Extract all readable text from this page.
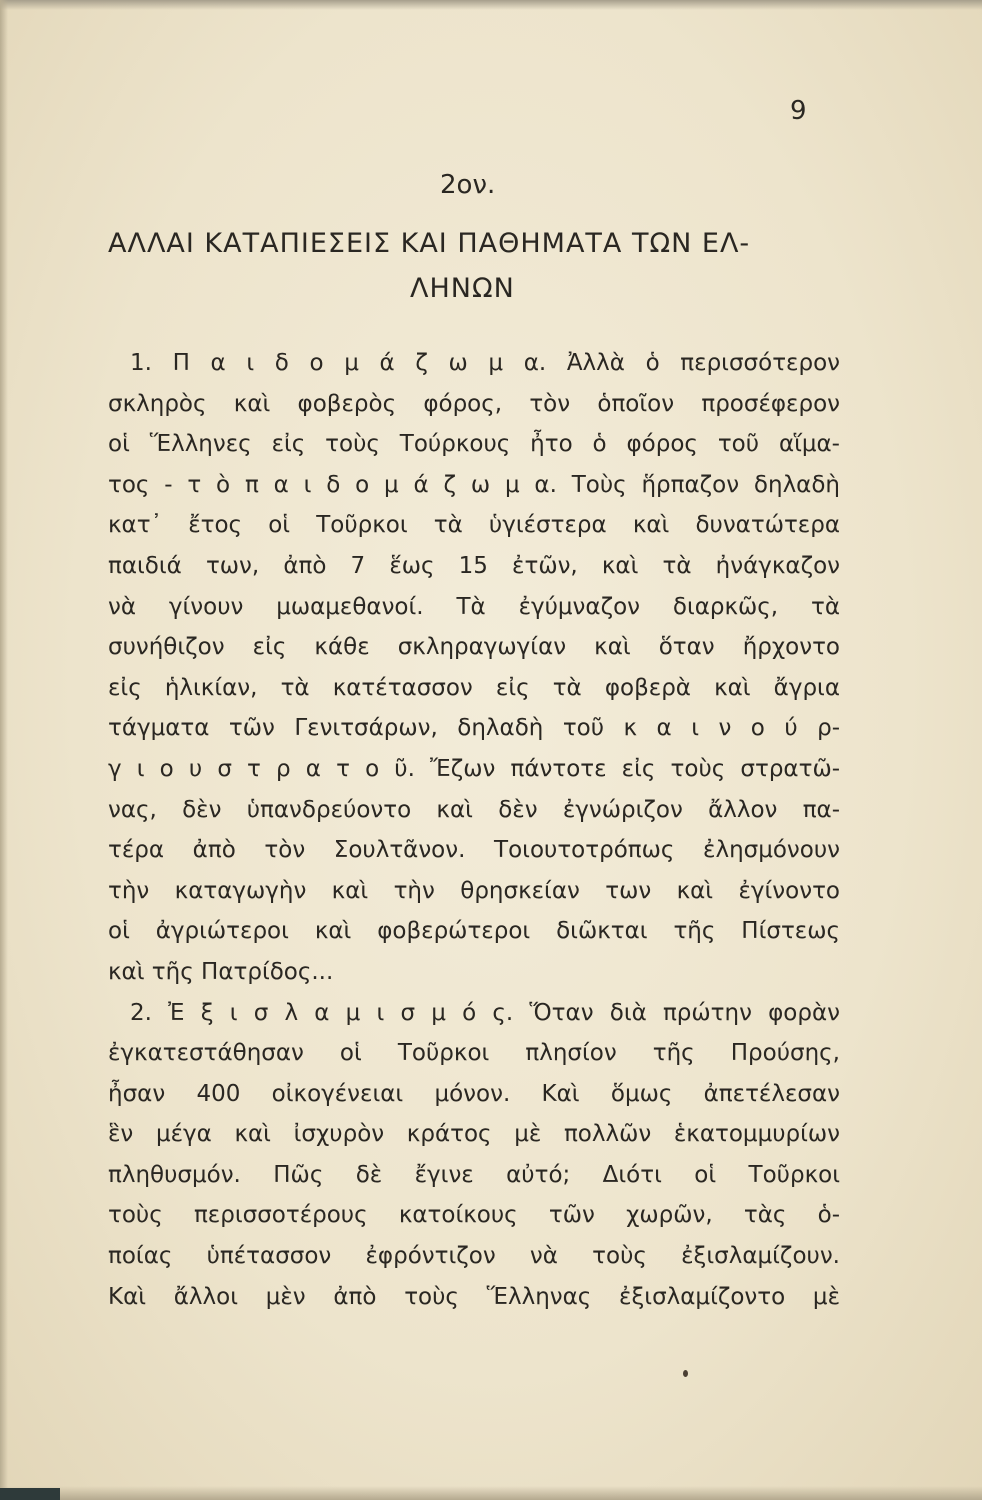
9
2ον.
ΑΛΛΑΙ ΚΑΤΑΠΙΕΣΕΙΣ ΚΑΙ ΠΑΘΗΜΑΤΑ ΤΩΝ ΕΛ-
ΛΗΝΩΝ
1. Π α ι δ ο μ ά ζ ω μ α. Ἀλλὰ ὁ περισσότερον
σκληρὸς καὶ φοβερὸς φόρος, τὸν ὁποῖον προσέφερον
οἱ Ἕλληνες εἰς τοὺς Τούρκους ἦτο ὁ φόρος τοῦ αἵμα-
τος - τ ὸ π α ι δ ο μ ά ζ ω μ α. Τοὺς ἥρπαζον δηλαδὴ
κατ᾽ ἔτος οἱ Τοῦρκοι τὰ ὑγιέστερα καὶ δυνατώτερα
παιδιά των, ἀπὸ 7 ἕως 15 ἐτῶν, καὶ τὰ ἠνάγκαζον
νὰ γίνουν μωαμεθανοί. Τὰ ἐγύμναζον διαρκῶς, τὰ
συνήθιζον εἰς κάθε σκληραγωγίαν καὶ ὅταν ἤρχοντο
εἰς ἡλικίαν, τὰ κατέτασσον εἰς τὰ φοβερὰ καὶ ἄγρια
τάγματα τῶν Γενιτσάρων, δηλαδὴ τοῦ κ α ι ν ο ύ ρ-
γ ι ο υ σ τ ρ α τ ο ῦ. Ἔζων πάντοτε εἰς τοὺς στρατῶ-
νας, δὲν ὑπανδρεύοντο καὶ δὲν ἐγνώριζον ἄλλον πα-
τέρα ἀπὸ τὸν Σουλτᾶνον. Τοιουτοτρόπως ἐλησμόνουν
τὴν καταγωγὴν καὶ τὴν θρησκείαν των καὶ ἐγίνοντο
οἱ ἀγριώτεροι καὶ φοβερώτεροι διῶκται τῆς Πίστεως
καὶ τῆς Πατρίδος...
2. Ἐ ξ ι σ λ α μ ι σ μ ό ς. Ὅταν διὰ πρώτην φορὰν
ἐγκατεστάθησαν οἱ Τοῦρκοι πλησίον τῆς Προύσης,
ἦσαν 400 οἰκογένειαι μόνον. Καὶ ὅμως ἀπετέλεσαν
ἓν μέγα καὶ ἰσχυρὸν κράτος μὲ πολλῶν ἑκατομμυρίων
πληθυσμόν. Πῶς δὲ ἔγινε αὐτό; Διότι οἱ Τοῦρκοι
τοὺς περισσοτέρους κατοίκους τῶν χωρῶν, τὰς ὁ-
ποίας ὑπέτασσον ἐφρόντιζον νὰ τοὺς ἐξισλαμίζουν.
Καὶ ἄλλοι μὲν ἀπὸ τοὺς Ἕλληνας ἐξισλαμίζοντο μὲ
